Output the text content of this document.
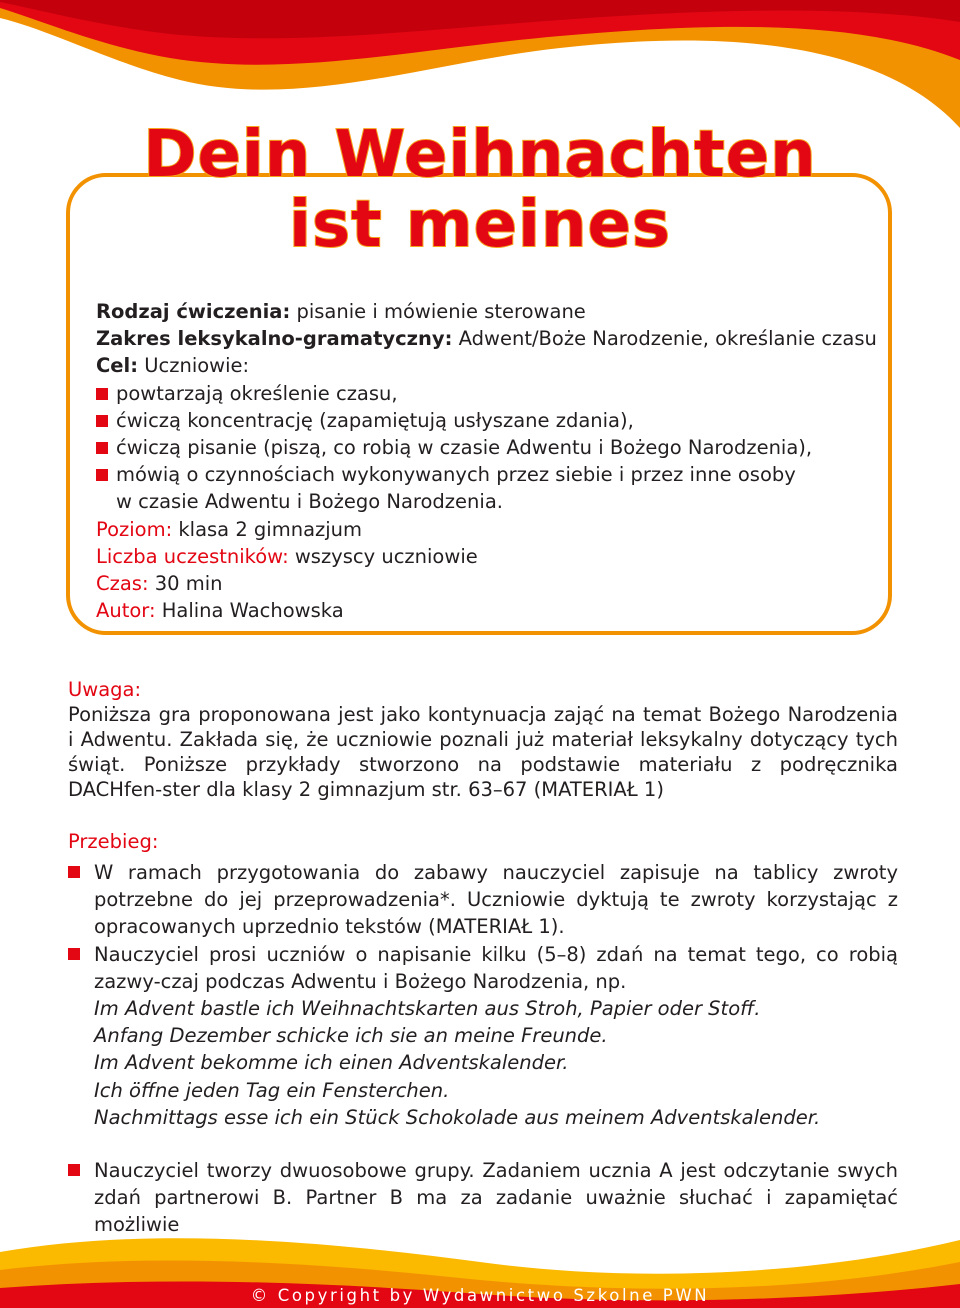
Dein Weihnachten
ist meines
Rodzaj ćwiczenia: pisanie i mówienie sterowane
Zakres leksykalno-gramatyczny: Adwent/Boże Narodzenie, określanie czasu
Cel: Uczniowie:
powtarzają określenie czasu,
ćwiczą koncentrację (zapamiętują usłyszane zdania),
ćwiczą pisanie (piszą, co robią w czasie Adwentu i Bożego Narodzenia),
mówią o czynnościach wykonywanych przez siebie i przez inne osoby
w czasie Adwentu i Bożego Narodzenia.
Poziom: klasa 2 gimnazjum
Liczba uczestników: wszyscy uczniowie
Czas: 30 min
Autor: Halina Wachowska
Uwaga:
Poniższa gra proponowana jest jako kontynuacja zająć na temat Bożego Narodzenia i Adwentu. Zakłada się, że uczniowie poznali już materiał leksykalny dotyczący tych świąt. Poniższe przykłady stworzono na podstawie materiału z podręcznika DACHfen-ster dla klasy 2 gimnazjum str. 63–67 (MATERIAŁ 1)
Przebieg:
W ramach przygotowania do zabawy nauczyciel zapisuje na tablicy zwroty potrzebne do jej przeprowadzenia*. Uczniowie dyktują te zwroty korzystając z opracowanych uprzednio tekstów (MATERIAŁ 1).
Nauczyciel prosi uczniów o napisanie kilku (5–8) zdań na temat tego, co robią zazwy-czaj podczas Adwentu i Bożego Narodzenia, np.
Im Advent bastle ich Weihnachtskarten aus Stroh, Papier oder Stoff.
Anfang Dezember schicke ich sie an meine Freunde.
Im Advent bekomme ich einen Adventskalender.
Ich öffne jeden Tag ein Fensterchen.
Nachmittags esse ich ein Stück Schokolade aus meinem Adventskalender.
Nauczyciel tworzy dwuosobowe grupy. Zadaniem ucznia A jest odczytanie swych zdań partnerowi B. Partner B ma za zadanie uważnie słuchać i zapamiętać możliwie
© Copyright by Wydawnictwo Szkolne PWN
